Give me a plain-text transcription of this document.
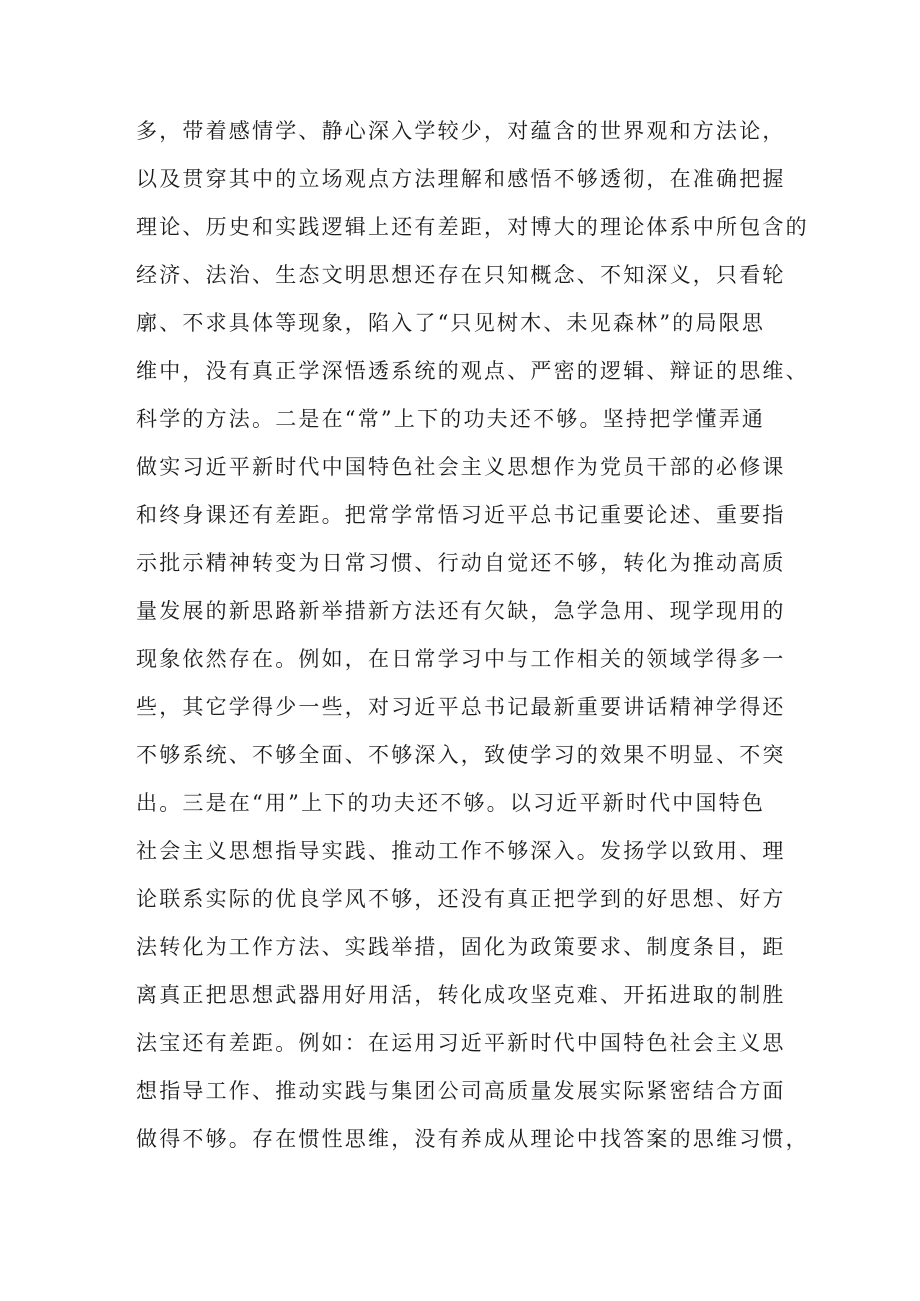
多，带着感情学、静心深入学较少，对蕴含的世界观和方法论，
以及贯穿其中的立场观点方法理解和感悟不够透彻，在准确把握
理论、历史和实践逻辑上还有差距，对博大的理论体系中所包含的
经济、法治、生态文明思想还存在只知概念、不知深义，只看轮
廓、不求具体等现象，陷入了“只见树木、未见森林”的局限思
维中，没有真正学深悟透系统的观点、严密的逻辑、辩证的思维、
科学的方法。二是在“常”上下的功夫还不够。坚持把学懂弄通
做实习近平新时代中国特色社会主义思想作为党员干部的必修课
和终身课还有差距。把常学常悟习近平总书记重要论述、重要指
示批示精神转变为日常习惯、行动自觉还不够，转化为推动高质
量发展的新思路新举措新方法还有欠缺，急学急用、现学现用的
现象依然存在。例如，在日常学习中与工作相关的领域学得多一
些，其它学得少一些，对习近平总书记最新重要讲话精神学得还
不够系统、不够全面、不够深入，致使学习的效果不明显、不突
出。三是在“用”上下的功夫还不够。以习近平新时代中国特色
社会主义思想指导实践、推动工作不够深入。发扬学以致用、理
论联系实际的优良学风不够，还没有真正把学到的好思想、好方
法转化为工作方法、实践举措，固化为政策要求、制度条目，距
离真正把思想武器用好用活，转化成攻坚克难、开拓进取的制胜
法宝还有差距。例如：在运用习近平新时代中国特色社会主义思
想指导工作、推动实践与集团公司高质量发展实际紧密结合方面
做得不够。存在惯性思维，没有养成从理论中找答案的思维习惯，
